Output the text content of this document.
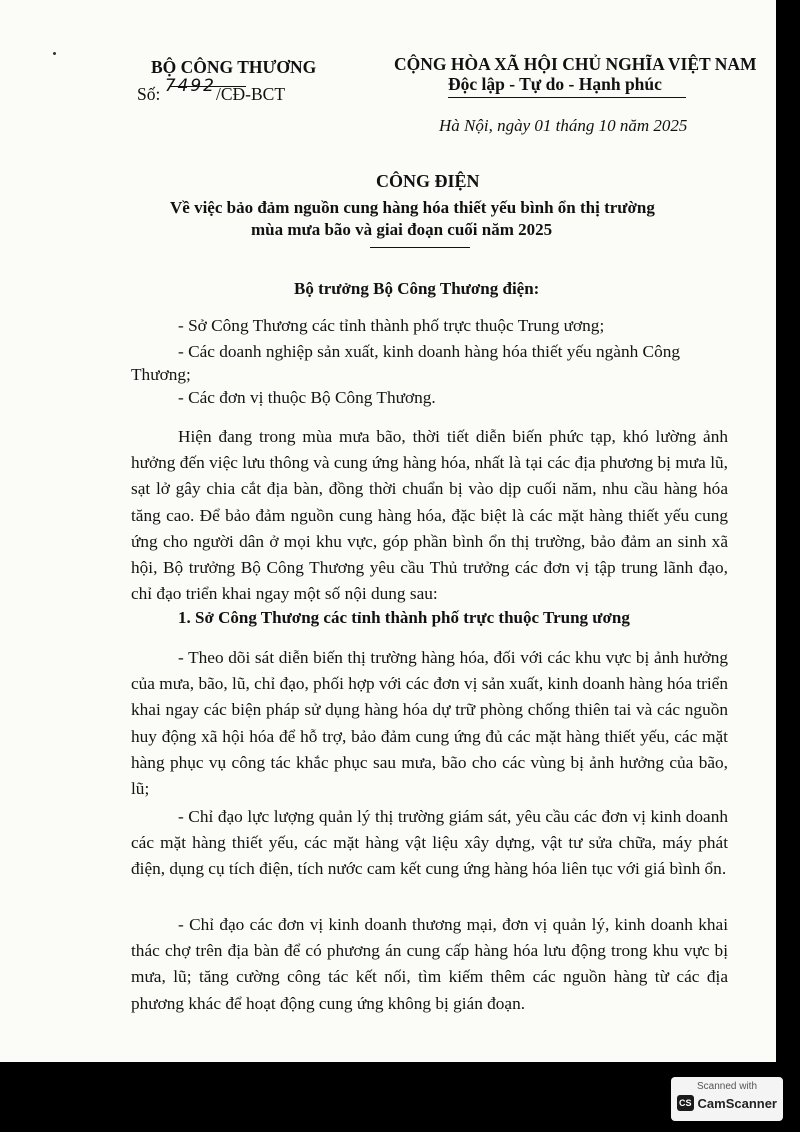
BỘ CÔNG THƯƠNG
Số: 7492/CĐ-BCT
CỘNG HÒA XÃ HỘI CHỦ NGHĨA VIỆT NAM
Độc lập - Tự do - Hạnh phúc
Hà Nội, ngày 01 tháng 10 năm 2025
CÔNG ĐIỆN
Về việc bảo đảm nguồn cung hàng hóa thiết yếu bình ổn thị trường
mùa mưa bão và giai đoạn cuối năm 2025
Bộ trưởng Bộ Công Thương điện:
- Sở Công Thương các tỉnh thành phố trực thuộc Trung ương;
- Các doanh nghiệp sản xuất, kinh doanh hàng hóa thiết yếu ngành Công
Thương;
- Các đơn vị thuộc Bộ Công Thương.
Hiện đang trong mùa mưa bão, thời tiết diễn biến phức tạp, khó lường ảnh hưởng đến việc lưu thông và cung ứng hàng hóa, nhất là tại các địa phương bị mưa lũ, sạt lở gây chia cắt địa bàn, đồng thời chuẩn bị vào dịp cuối năm, nhu cầu hàng hóa tăng cao. Để bảo đảm nguồn cung hàng hóa, đặc biệt là các mặt hàng thiết yếu cung ứng cho người dân ở mọi khu vực, góp phần bình ổn thị trường, bảo đảm an sinh xã hội, Bộ trưởng Bộ Công Thương yêu cầu Thủ trưởng các đơn vị tập trung lãnh đạo, chỉ đạo triển khai ngay một số nội dung sau:
1. Sở Công Thương các tỉnh thành phố trực thuộc Trung ương
- Theo dõi sát diễn biến thị trường hàng hóa, đối với các khu vực bị ảnh hưởng của mưa, bão, lũ, chỉ đạo, phối hợp với các đơn vị sản xuất, kinh doanh hàng hóa triển khai ngay các biện pháp sử dụng hàng hóa dự trữ phòng chống thiên tai và các nguồn huy động xã hội hóa để hỗ trợ, bảo đảm cung ứng đủ các mặt hàng thiết yếu, các mặt hàng phục vụ công tác khắc phục sau mưa, bão cho các vùng bị ảnh hưởng của bão, lũ;
- Chỉ đạo lực lượng quản lý thị trường giám sát, yêu cầu các đơn vị kinh doanh các mặt hàng thiết yếu, các mặt hàng vật liệu xây dựng, vật tư sửa chữa, máy phát điện, dụng cụ tích điện, tích nước cam kết cung ứng hàng hóa liên tục với giá bình ổn.
- Chỉ đạo các đơn vị kinh doanh thương mại, đơn vị quản lý, kinh doanh khai thác chợ trên địa bàn để có phương án cung cấp hàng hóa lưu động trong khu vực bị mưa, lũ; tăng cường công tác kết nối, tìm kiếm thêm các nguồn hàng từ các địa phương khác để hoạt động cung ứng không bị gián đoạn.
Scanned with
CS CamScanner
